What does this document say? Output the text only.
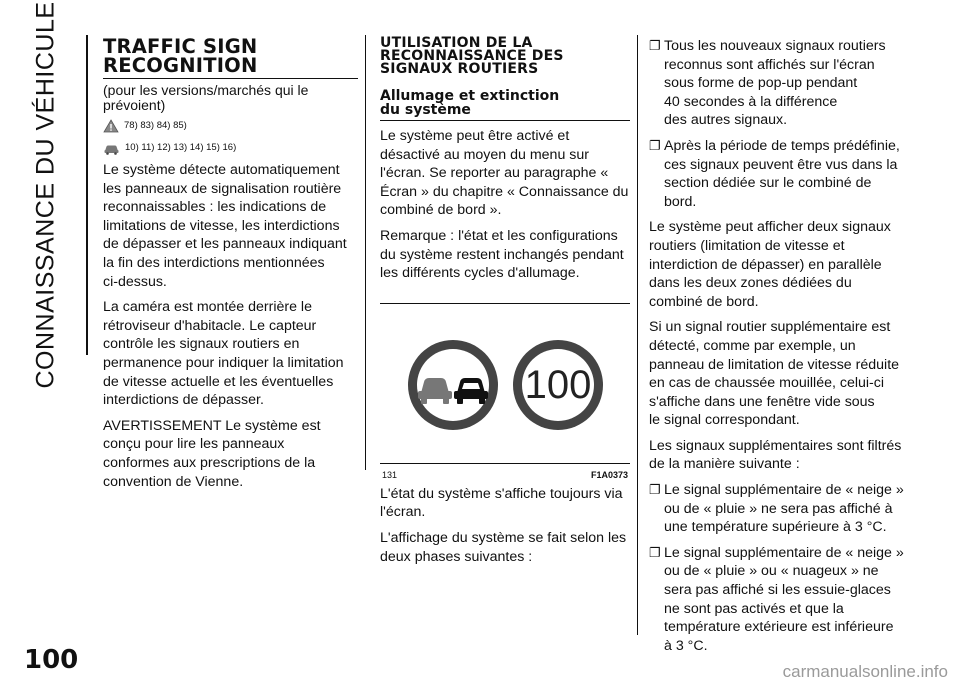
CONNAISSANCE DU VÉHICULE
100	carmanualsonline.info

TRAFFIC SIGN
RECOGNITION

(pour les versions/marchés qui le
prévoient)

78) 83) 84) 85)
10) 11) 12) 13) 14) 15) 16)

Le système détecte automatiquement
les panneaux de signalisation routière
reconnaissables : les indications de
limitations de vitesse, les interdictions
de dépasser et les panneaux indiquant
la fin des interdictions mentionnées
ci-dessus.

La caméra est montée derrière le
rétroviseur d'habitacle. Le capteur
contrôle les signaux routiers en
permanence pour indiquer la limitation
de vitesse actuelle et les éventuelles
interdictions de dépasser.

AVERTISSEMENT Le système est
conçu pour lire les panneaux
conformes aux prescriptions de la
convention de Vienne.

UTILISATION DE LA
RECONNAISSANCE DES
SIGNAUX ROUTIERS

Allumage et extinction
du système

Le système peut être activé et
désactivé au moyen du menu sur
l'écran. Se reporter au paragraphe «
Écran » du chapitre « Connaissance du
combiné de bord ».

Remarque : l'état et les configurations
du système restent inchangés pendant
les différents cycles d'allumage.

100
131	F1A0373

L'état du système s'affiche toujours via
l'écran.

L'affichage du système se fait selon les
deux phases suivantes :

❐ Tous les nouveaux signaux routiers
reconnus sont affichés sur l'écran
sous forme de pop-up pendant
40 secondes à la différence
des autres signaux.
❐ Après la période de temps prédéfinie,
ces signaux peuvent être vus dans la
section dédiée sur le combiné de
bord.

Le système peut afficher deux signaux
routiers (limitation de vitesse et
interdiction de dépasser) en parallèle
dans les deux zones dédiées du
combiné de bord.

Si un signal routier supplémentaire est
détecté, comme par exemple, un
panneau de limitation de vitesse réduite
en cas de chaussée mouillée, celui-ci
s'affiche dans une fenêtre vide sous
le signal correspondant.

Les signaux supplémentaires sont filtrés
de la manière suivante :

❐ Le signal supplémentaire de « neige »
ou de « pluie » ne sera pas affiché à
une température supérieure à 3 °C.
❐ Le signal supplémentaire de « neige »
ou de « pluie » ou « nuageux » ne
sera pas affiché si les essuie-glaces
ne sont pas activés et que la
température extérieure est inférieure
à 3 °C.
